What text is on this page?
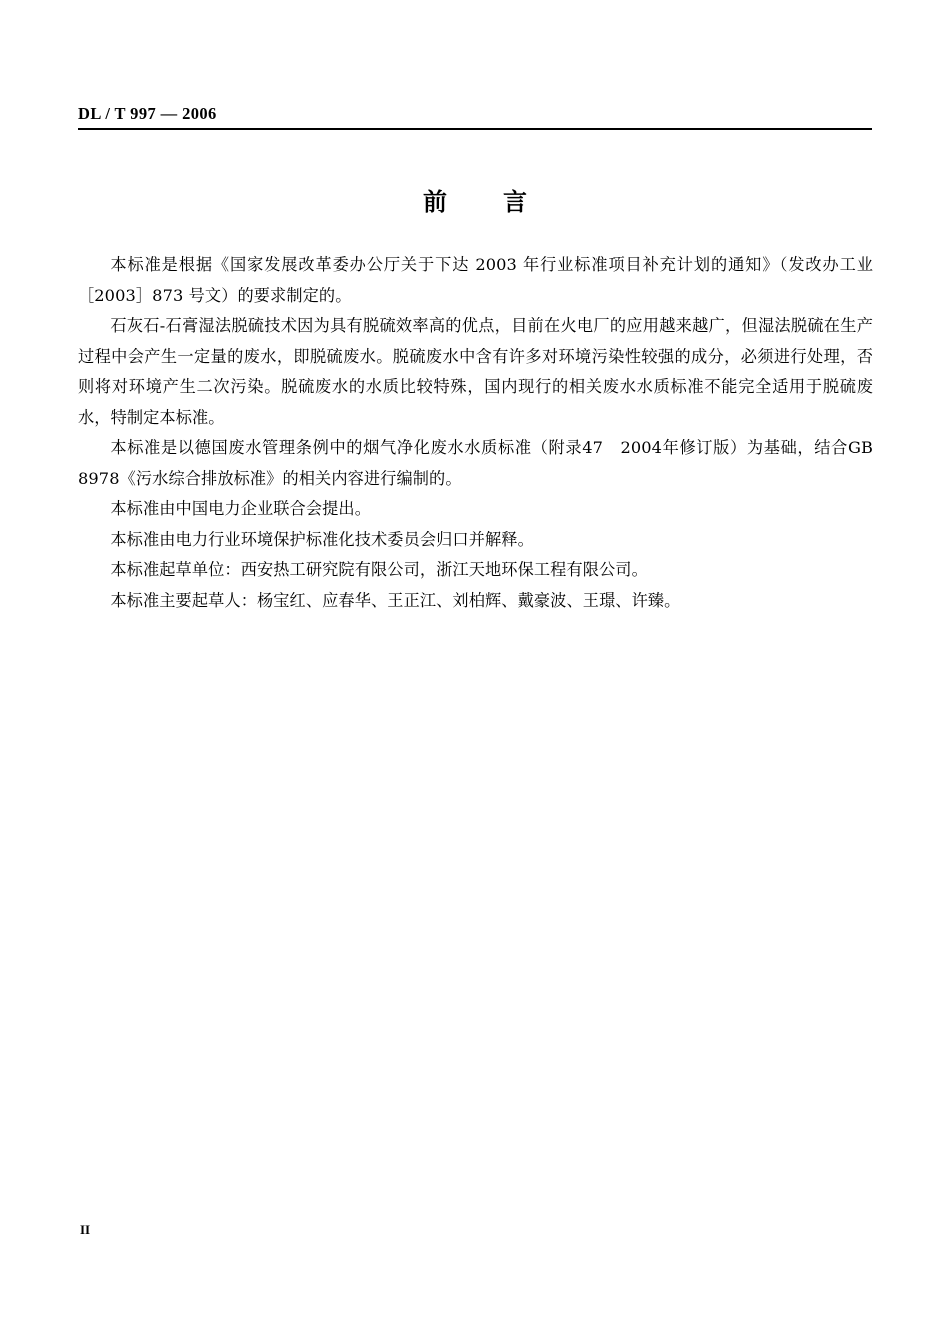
DL / T 997 — 2006
前　言

本标准是根据《国家发展改革委办公厅关于下达 2003 年行业标准项目补充计划的通知》（发改办工业［2003］873 号文）的要求制定的。

石灰石‑石膏湿法脱硫技术因为具有脱硫效率高的优点，目前在火电厂的应用越来越广，但湿法脱硫在生产过程中会产生一定量的废水，即脱硫废水。脱硫废水中含有许多对环境污染性较强的成分，必须进行处理，否则将对环境产生二次污染。脱硫废水的水质比较特殊，国内现行的相关废水水质标准不能完全适用于脱硫废水，特制定本标准。

本标准是以德国废水管理条例中的烟气净化废水水质标准（附录47　2004年修订版）为基础，结合GB 8978《污水综合排放标准》的相关内容进行编制的。

本标准由中国电力企业联合会提出。

本标准由电力行业环境保护标准化技术委员会归口并解释。

本标准起草单位：西安热工研究院有限公司，浙江天地环保工程有限公司。

本标准主要起草人：杨宝红、应春华、王正江、刘柏辉、戴豪波、王璟、许臻。

II
